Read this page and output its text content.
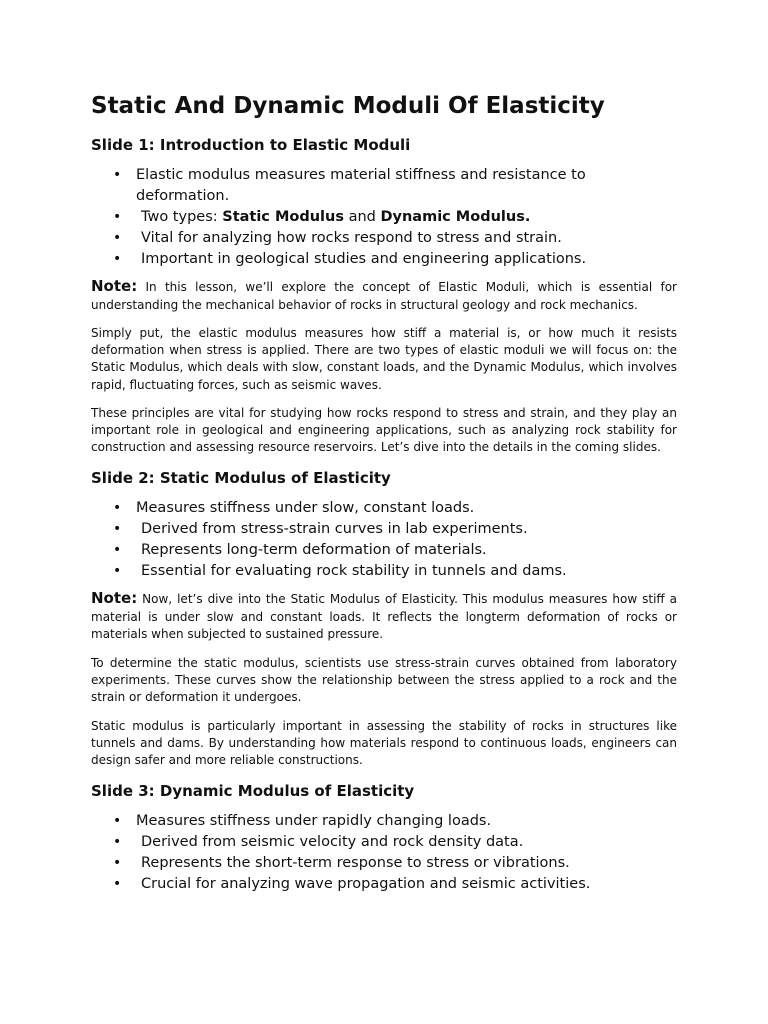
Static And Dynamic Moduli Of Elasticity
Slide 1: Introduction to Elastic Moduli
• Elastic modulus measures material stiffness and resistance to deformation.
• Two types: Static Modulus and Dynamic Modulus.
• Vital for analyzing how rocks respond to stress and strain.
• Important in geological studies and engineering applications.

Note: In this lesson, we’ll explore the concept of Elastic Moduli, which is essential for understanding the mechanical behavior of rocks in structural geology and rock mechanics.

Simply put, the elastic modulus measures how stiff a material is, or how much it resists deformation when stress is applied. There are two types of elastic moduli we will focus on: the Static Modulus, which deals with slow, constant loads, and the Dynamic Modulus, which involves rapid, fluctuating forces, such as seismic waves.

These principles are vital for studying how rocks respond to stress and strain, and they play an important role in geological and engineering applications, such as analyzing rock stability for construction and assessing resource reservoirs. Let’s dive into the details in the coming slides.

Slide 2: Static Modulus of Elasticity
• Measures stiffness under slow, constant loads.
• Derived from stress-strain curves in lab experiments.
• Represents long-term deformation of materials.
• Essential for evaluating rock stability in tunnels and dams.

Note: Now, let’s dive into the Static Modulus of Elasticity. This modulus measures how stiff a material is under slow and constant loads. It reflects the longterm deformation of rocks or materials when subjected to sustained pressure.

To determine the static modulus, scientists use stress-strain curves obtained from laboratory experiments. These curves show the relationship between the stress applied to a rock and the strain or deformation it undergoes.

Static modulus is particularly important in assessing the stability of rocks in structures like tunnels and dams. By understanding how materials respond to continuous loads, engineers can design safer and more reliable constructions.

Slide 3: Dynamic Modulus of Elasticity
• Measures stiffness under rapidly changing loads.
• Derived from seismic velocity and rock density data.
• Represents the short-term response to stress or vibrations.
• Crucial for analyzing wave propagation and seismic activities.
